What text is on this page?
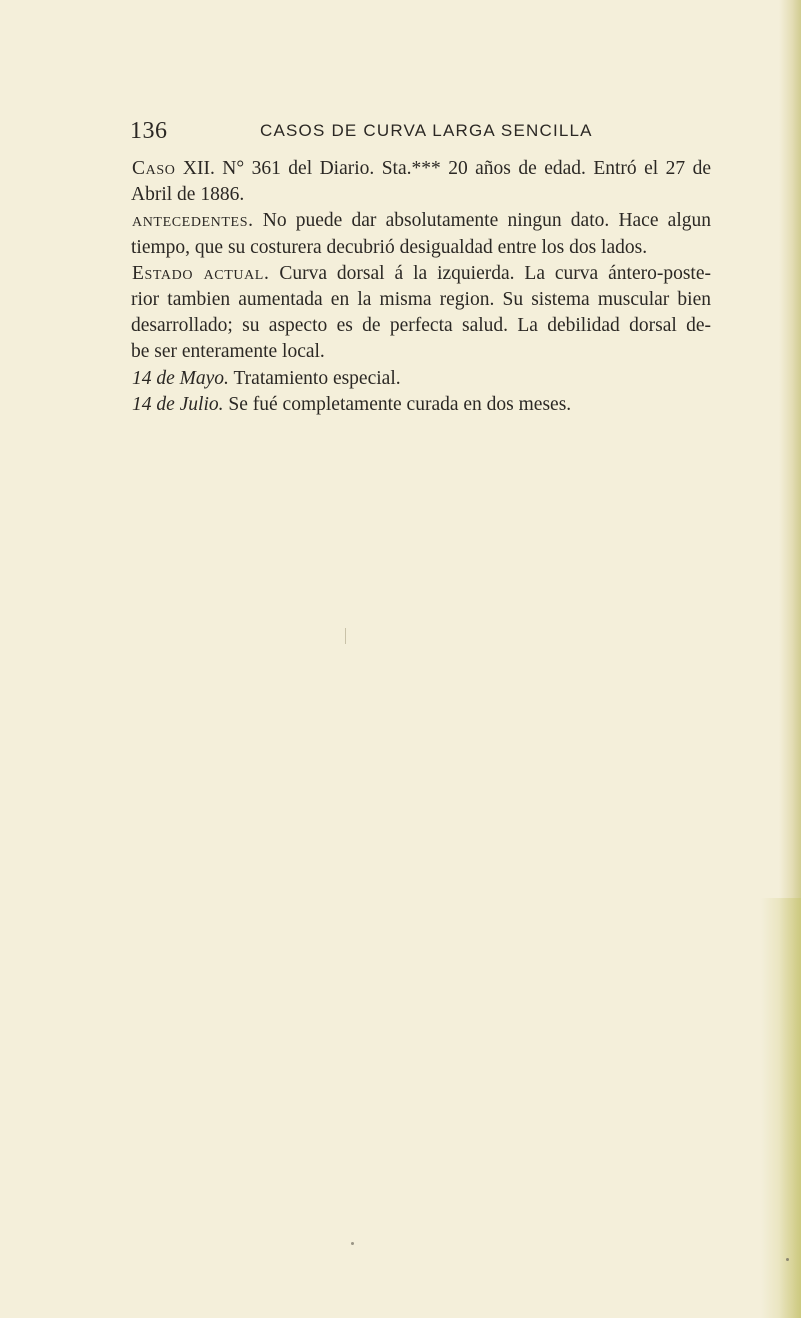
136	CASOS DE CURVA LARGA SENCILLA
Caso XII. N° 361 del Diario. Sta.*** 20 años de edad. Entró el 27 de
Abril de 1886.
antecedentes. No puede dar absolutamente ningun dato. Hace algun
tiempo, que su costurera decubrió desigualdad entre los dos lados.
Estado actual. Curva dorsal á la izquierda. La curva ántero-poste-
rior tambien aumentada en la misma region. Su sistema muscular bien
desarrollado; su aspecto es de perfecta salud. La debilidad dorsal de-
be ser enteramente local.
14 de Mayo. Tratamiento especial.
14 de Julio. Se fué completamente curada en dos meses.
